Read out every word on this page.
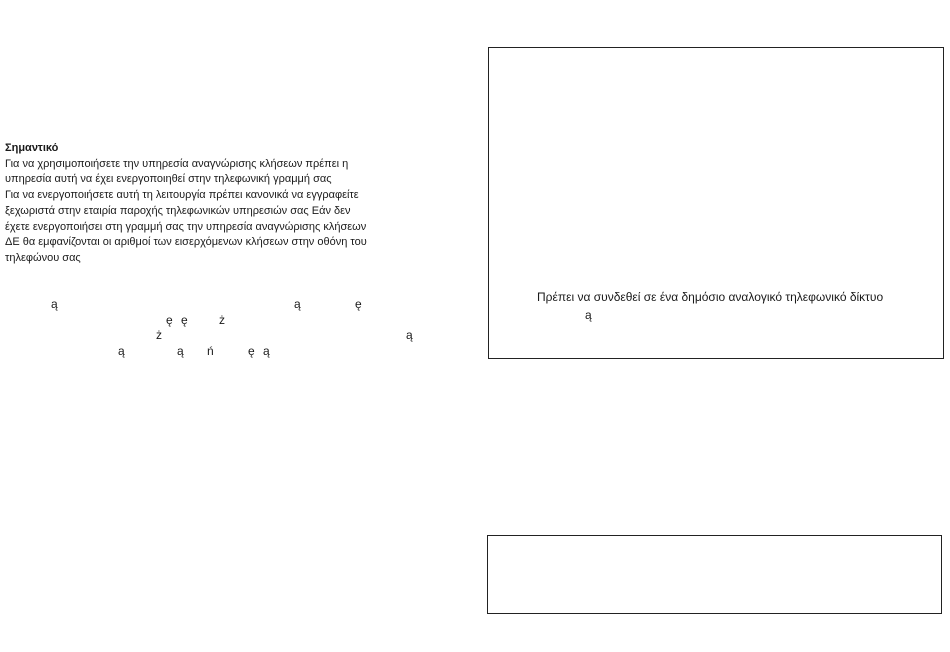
Σημαντικό
Για να χρησιμοποιήσετε την υπηρεσία αναγνώρισης κλήσεων πρέπει η
υπηρεσία αυτή να έχει ενεργοποιηθεί στην τηλεφωνική γραμμή σας
Για να ενεργοποιήσετε αυτή τη λειτουργία πρέπει κανονικά να εγγραφείτε
ξεχωριστά στην εταιρία παροχής τηλεφωνικών υπηρεσιών σας Εάν δεν
έχετε ενεργοποιήσει στη γραμμή σας την υπηρεσία αναγνώρισης κλήσεων
ΔΕ θα εμφανίζονται οι αριθμοί των εισερχόμενων κλήσεων στην οθόνη του
τηλεφώνου σας
ą	ą	ę
ę ę	ż
ż	ą
ą	ą ń	ę ą
Πρέπει να συνδεθεί σε ένα δημόσιο αναλογικό τηλεφωνικό δίκτυο
ą
